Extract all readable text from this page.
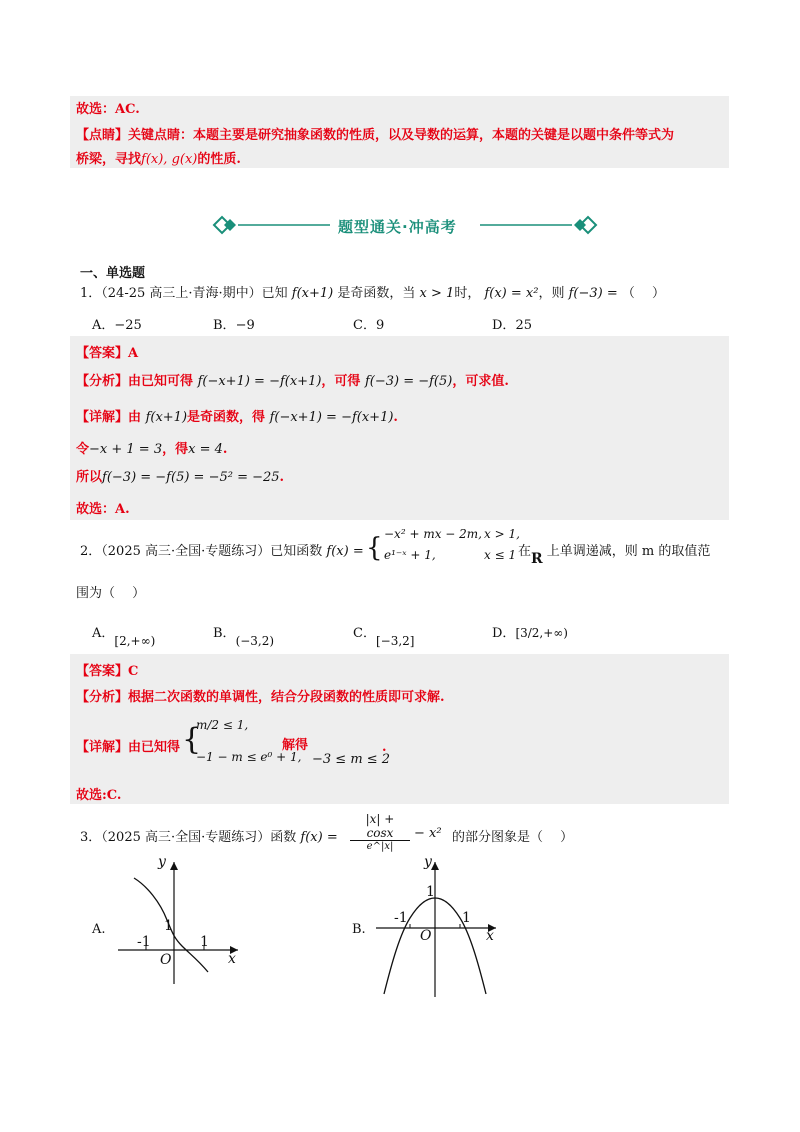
故选：AC.
【点睛】关键点睛：本题主要是研究抽象函数的性质，以及导数的运算，本题的关键是以题中条件等式为
桥梁，寻找f(x), g(x)的性质.
题型通关·冲高考
一、单选题
1．（24-25 高三上·青海·期中）已知 f(x+1) 是奇函数，当 x > 1时， f(x) = x²，则 f(−3) = （　 ）
A．−25	B．−9	C．9	D．25
【答案】A
【分析】由已知可得 f(−x+1) = −f(x+1)，可得 f(−3) = −f(5)，可求值.
【详解】由 f(x+1)是奇函数，得 f(−x+1) = −f(x+1).
令−x + 1 = 3，得x = 4.
所以f(−3) = −f(5) = −5² = −25.
故选：A.
2．（2025 高三·全国·专题练习）已知函数 f(x) = { −x² + mx − 2m, x > 1,
e¹⁻ˣ + 1,	x ≤ 1 在R 上单调递减，则 m 的取值范
围为（　 ）
A．[2,+∞)	B．(−3,2)	C．[−3,2]	D．[3/2,+∞)
【答案】C
【分析】根据二次函数的单调性，结合分段函数的性质即可求解.
【详解】由已知得 {
m/2 ≤ 1,
−1 − m ≤ e⁰ + 1,
解得
−3 ≤ m ≤ 2
.
故选:C.
3．（2025 高三·全国·专题练习）函数 f(x) =
|x| + cosx
e^|x|
− x² 的部分图象是（　 ）
A.
y
x
O
-1	1
1	B.
y
x
O
-1	1
1
